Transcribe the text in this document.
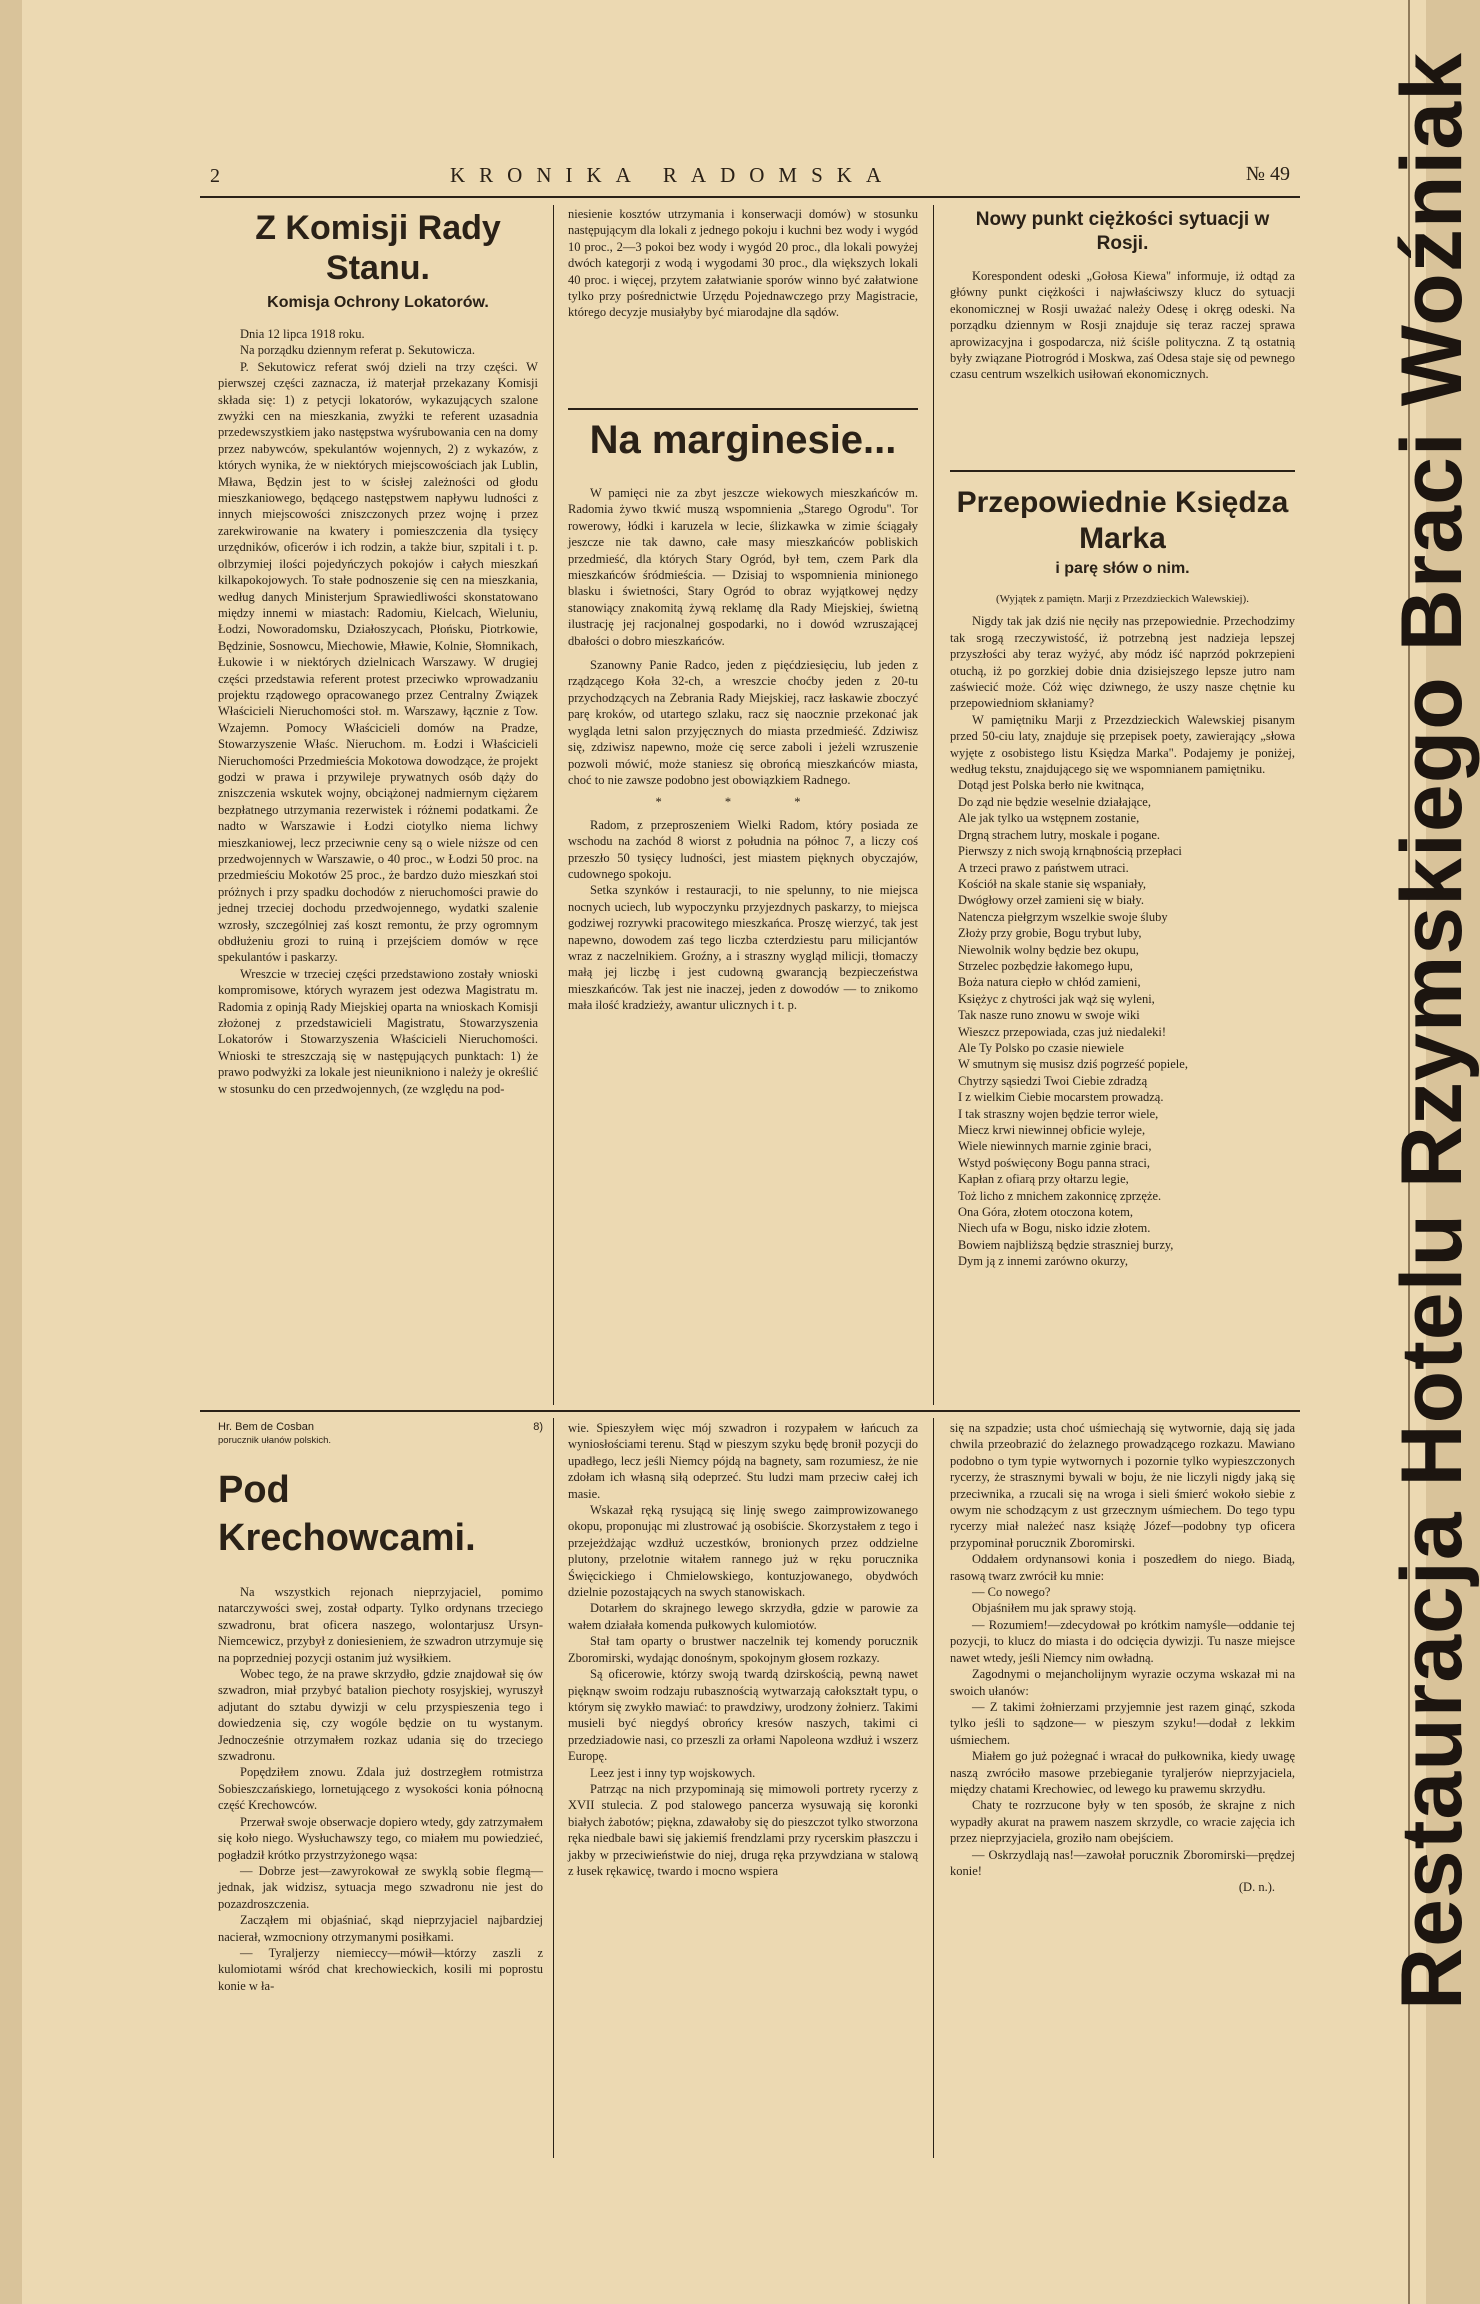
2	KRONIKA RADOMSKA	№ 49
Z Komisji Rady Stanu.
Komisja Ochrony Lokatorów.

Dnia 12 lipca 1918 roku.

Na porządku dziennym referat p. Sekutowicza.

P. Sekutowicz referat swój dzieli na trzy części. W pierwszej części zaznacza, iż materjał przekazany Komisji składa się: 1) z petycji lokatorów, wykazujących szalone zwyżki cen na mieszkania, zwyżki te referent uzasadnia przedewszystkiem jako następstwa wyśrubowania cen na domy przez nabywców, spekulantów wojennych, 2) z wykazów, z których wynika, że w niektórych miejscowościach jak Lublin, Mława, Będzin jest to w ścisłej zależności od głodu mieszkaniowego, będącego następstwem napływu ludności z innych miejscowości zniszczonych przez wojnę i przez zarekwirowanie na kwatery i pomieszczenia dla tysięcy urzędników, oficerów i ich rodzin, a także biur, szpitali i t. p. olbrzymiej ilości pojedyńczych pokojów i całych mieszkań kilkapokojowych. To stałe podnoszenie się cen na mieszkania, według danych Ministerjum Sprawiedliwości skonstatowano między innemi w miastach: Radomiu, Kielcach, Wieluniu, Łodzi, Noworadomsku, Działoszycach, Płońsku, Piotrkowie, Będzinie, Sosnowcu, Miechowie, Mławie, Kolnie, Słomnikach, Łukowie i w niektórych dzielnicach Warszawy. W drugiej części przedstawia referent protest przeciwko wprowadzaniu projektu rządowego opracowanego przez Centralny Związek Właścicieli Nieruchomości stoł. m. Warszawy, łącznie z Tow. Wzajemn. Pomocy Właścicieli domów na Pradze, Stowarzyszenie Właśc. Nieruchom. m. Łodzi i Właścicieli Nieruchomości Przedmieścia Mokotowa dowodzące, że projekt godzi w prawa i przywileje prywatnych osób dąży do zniszczenia wskutek wojny, obciążonej nadmiernym ciężarem bezpłatnego utrzymania rezerwistek i różnemi podatkami. Że nadto w Warszawie i Łodzi ciotylko niema lichwy mieszkaniowej, lecz przeciwnie ceny są o wiele niższe od cen przedwojennych w Warszawie, o 40 proc., w Łodzi 50 proc. na przedmieściu Mokotów 25 proc., że bardzo dużo mieszkań stoi próżnych i przy spadku dochodów z nieruchomości prawie do jednej trzeciej dochodu przedwojennego, wydatki szalenie wzrosły, szczególniej zaś koszt remontu, że przy ogromnym obdłużeniu grozi to ruiną i przejściem domów w ręce spekulantów i paskarzy.

Wreszcie w trzeciej części przedstawiono zostały wnioski kompromisowe, których wyrazem jest odezwa Magistratu m. Radomia z opinją Rady Miejskiej oparta na wnioskach Komisji złożonej z przedstawicieli Magistratu, Stowarzyszenia Lokatorów i Stowarzyszenia Właścicieli Nieruchomości. Wnioski te streszczają się w następujących punktach: 1) że prawo podwyżki za lokale jest nieunikniono i należy je określić w stosunku do cen przedwojennych, (ze względu na pod-

niesienie kosztów utrzymania i konserwacji domów) w stosunku następującym dla lokali z jednego pokoju i kuchni bez wody i wygód 10 proc., 2—3 pokoi bez wody i wygód 20 proc., dla lokali powyżej dwóch kategorji z wodą i wygodami 30 proc., dla większych lokali 40 proc. i więcej, przytem załatwianie sporów winno być załatwione tylko przy pośrednictwie Urzędu Pojednawczego przy Magistracie, którego decyzje musiałyby być miarodajne dla sądów.

Na marginesie...

W pamięci nie za zbyt jeszcze wiekowych mieszkańców m. Radomia żywo tkwić muszą wspomnienia „Starego Ogrodu". Tor rowerowy, łódki i karuzela w lecie, ślizkawka w zimie ściągały jeszcze nie tak dawno, całe masy mieszkańców pobliskich przedmieść, dla których Stary Ogród, był tem, czem Park dla mieszkańców śródmieścia. — Dzisiaj to wspomnienia minionego blasku i świetności, Stary Ogród to obraz wyjątkowej nędzy stanowiący znakomitą żywą reklamę dla Rady Miejskiej, świetną ilustrację jej racjonalnej gospodarki, no i dowód wzruszającej dbałości o dobro mieszkańców.

Szanowny Panie Radco, jeden z pięćdziesięciu, lub jeden z rządzącego Koła 32-ch, a wreszcie choćby jeden z 20-tu przychodzących na Zebrania Rady Miejskiej, racz łaskawie zboczyć parę kroków, od utartego szlaku, racz się naocznie przekonać jak wygląda letni salon przyjęcznych do miasta przedmieść. Zdziwisz się, zdziwisz napewno, może cię serce zaboli i jeżeli wzruszenie pozwoli mówić, może staniesz się obrońcą mieszkańców miasta, choć to nie zawsze podobno jest obowiązkiem Radnego.

* * *

Radom, z przeproszeniem Wielki Radom, który posiada ze wschodu na zachód 8 wiorst z południa na północ 7, a liczy coś przeszło 50 tysięcy ludności, jest miastem pięknych obyczajów, cudownego spokoju.

Setka szynków i restauracji, to nie spelunny, to nie miejsca nocnych uciech, lub wypoczynku przyjezdnych paskarzy, to miejsca godziwej rozrywki pracowitego mieszkańca. Proszę wierzyć, tak jest napewno, dowodem zaś tego liczba czterdziestu paru milicjantów wraz z naczelnikiem. Groźny, a i straszny wygląd milicji, tłomaczy małą jej liczbę i jest cudowną gwarancją bezpieczeństwa mieszkańców. Tak jest nie inaczej, jeden z dowodów — to znikomo mała ilość kradzieży, awantur ulicznych i t. p.

Nowy punkt ciężkości sytuacji w Rosji.

Korespondent odeski „Gołosa Kiewa" informuje, iż odtąd za główny punkt ciężkości i najwłaściwszy klucz do sytuacji ekonomicznej w Rosji uważać należy Odesę i okręg odeski. Na porządku dziennym w Rosji znajduje się teraz raczej sprawa aprowizacyjna i gospodarcza, niż ściśle polityczna. Z tą ostatnią były związane Piotrogród i Moskwa, zaś Odesa staje się od pewnego czasu centrum wszelkich usiłowań ekonomicznych.

Przepowiednie Księdza Marka
i parę słów o nim.

(Wyjątek z pamiętn. Marji z Przezdzieckich Walewskiej).

Nigdy tak jak dziś nie nęciły nas przepowiednie. Przechodzimy tak srogą rzeczywistość, iż potrzebną jest nadzieja lepszej przyszłości aby teraz wyżyć, aby módz iść naprzód pokrzepieni otuchą, iż po gorzkiej dobie dnia dzisiejszego lepsze jutro nam zaświecić może. Cóż więc dziwnego, że uszy nasze chętnie ku przepowiedniom skłaniamy?

W pamiętniku Marji z Przezdzieckich Walewskiej pisanym przed 50-ciu laty, znajduje się przepisek poety, zawierający „słowa wyjęte z osobistego listu Księdza Marka". Podajemy je poniżej, według tekstu, znajdującego się we wspomnianem pamiętniku.

Dotąd jest Polska berło nie kwitnąca,
Do ząd nie będzie weselnie działające,
Ale jak tylko ua wstępnem zostanie,
Drgną strachem lutry, moskale i pogane.
Pierwszy z nich swoją krnąbnością przepłaci
A trzeci prawo z państwem utraci.
Kościół na skale stanie się wspaniały,
Dwógłowy orzeł zamieni się w biały.
Natencza piełgrzym wszelkie swoje śluby
Złoży przy grobie, Bogu trybut luby,
Niewolnik wolny będzie bez okupu,
Strzelec pozbędzie łakomego łupu,
Boża natura ciepło w chłód zamieni,
Księżyc z chytrości jak wąż się wyleni,
Tak nasze runo znowu w swoje wiki
Wieszcz przepowiada, czas już niedaleki!
Ale Ty Polsko po czasie niewiele
W smutnym się musisz dziś pogrześć popiele,
Chytrzy sąsiedzi Twoi Ciebie zdradzą
I z wielkim Ciebie mocarstem prowadzą.
I tak straszny wojen będzie terror wiele,
Miecz krwi niewinnej obficie wyleje,
Wiele niewinnych marnie zginie braci,
Wstyd poświęcony Bogu panna straci,
Kapłan z ofiarą przy ołtarzu legie,
Toż licho z mnichem zakonnicę zprzęże.
Ona Góra, złotem otoczona kotem,
Niech ufa w Bogu, nisko idzie złotem.
Bowiem najbliższą będzie straszniej burzy,
Dym ją z innemi zarówno okurzy,
Hr. Bem de Cosban
porucznik ułanów polskich.
8)
Pod Krechowcami.

Na wszystkich rejonach nieprzyjaciel, pomimo natarczywości swej, został odparty. Tylko ordynans trzeciego szwadronu, brat oficera naszego, wolontarjusz Ursyn-Niemcewicz, przybył z doniesieniem, że szwadron utrzymuje się na poprzedniej pozycji ostanim już wysiłkiem.

Wobec tego, że na prawe skrzydło, gdzie znajdował się ów szwadron, miał przybyć batalion piechoty rosyjskiej, wyruszył adjutant do sztabu dywizji w celu przyspieszenia tego i dowiedzenia się, czy wogóle będzie on tu wystanym. Jednocześnie otrzymałem rozkaz udania się do trzeciego szwadronu.

Popędziłem znowu. Zdala już dostrzegłem rotmistrza Sobieszczańskiego, lornetującego z wysokości konia północną część Krechowców.

Przerwał swoje obserwacje dopiero wtedy, gdy zatrzymałem się koło niego. Wysłuchawszy tego, co miałem mu powiedzieć, pogładził krótko przystrzyżonego wąsa:

— Dobrze jest—zawyrokował ze swyklą sobie flegmą—jednak, jak widzisz, sytuacja mego szwadronu nie jest do pozazdroszczenia.

Zacząłem mi objaśniać, skąd nieprzyjaciel najbardziej nacierał, wzmocniony otrzymanymi posiłkami.

— Tyraljerzy niemieccy—mówił—którzy zaszli z kulomiotami wśród chat krechowieckich, kosili mi poprostu konie w ła-

wie. Spieszyłem więc mój szwadron i rozypałem w łańcuch za wyniosłościami terenu. Stąd w pieszym szyku będę bronił pozycji do upadłego, lecz jeśli Niemcy pójdą na bagnety, sam rozumiesz, że nie zdołam ich własną siłą odeprzeć. Stu ludzi mam przeciw całej ich masie.

Wskazał ręką rysującą się linję swego zaimprowizowanego okopu, proponując mi zlustrować ją osobiście. Skorzystałem z tego i przejeżdżając wzdłuż uczestków, bronionych przez oddzielne plutony, przelotnie witałem rannego już w ręku porucznika Święcickiego i Chmielowskiego, kontuzjowanego, obydwóch dzielnie pozostających na swych stanowiskach.

Dotarłem do skrajnego lewego skrzydła, gdzie w parowie za wałem działała komenda pułkowych kulomiotów.

Stał tam oparty o brustwer naczelnik tej komendy porucznik Zboromirski, wydając donośnym, spokojnym głosem rozkazy.

Są oficerowie, którzy swoją twardą dzirskością, pewną nawet pięknąw swoim rodzaju rubasznością wytwarzają całokształt typu, o którym się zwykło mawiać: to prawdziwy, urodzony żołnierz. Takimi musieli być niegdyś obrońcy kresów naszych, takimi ci przedziadowie nasi, co przeszli za orłami Napoleona wzdłuż i wszerz Europę.

Leez jest i inny typ wojskowych.

Patrząc na nich przypominają się mimowoli portrety rycerzy z XVII stulecia. Z pod stalowego pancerza wysuwają się koronki białych żabotów; piękna, zdawałoby się do pieszczot tylko stworzona ręka niedbale bawi się jakiemiś frendzlami przy rycerskim płaszczu i jakby w przeciwieństwie do niej, druga ręka przywdziana w stalową z łusek rękawicę, twardo i mocno wspiera

się na szpadzie; usta choć uśmiechają się wytwornie, dają się jada chwila przeobrazić do żelaznego prowadzącego rozkazu. Mawiano podobno o tym typie wytwornych i pozornie tylko wypieszczonych rycerzy, że strasznymi bywali w boju, że nie liczyli nigdy jaką się przeciwnika, a rzucali się na wroga i sieli śmierć wokoło siebie z owym nie schodzącym z ust grzecznym uśmiechem. Do tego typu rycerzy miał należeć nasz książę Józef—podobny typ oficera przypominał porucznik Zboromirski.

Oddałem ordynansowi konia i poszedłem do niego. Biadą, rasową twarz zwrócił ku mnie:

— Co nowego?

Objaśniłem mu jak sprawy stoją.

— Rozumiem!—zdecydował po krótkim namyśle—oddanie tej pozycji, to klucz do miasta i do odcięcia dywizji. Tu nasze miejsce nawet wtedy, jeśli Niemcy nim owładną.

Zagodnymi o mejancholijnym wyrazie oczyma wskazał mi na swoich ułanów:

— Z takimi żołnierzami przyjemnie jest razem ginąć, szkoda tylko jeśli to sądzone— w pieszym szyku!—dodał z lekkim uśmiechem.

Miałem go już pożegnać i wracał do pułkownika, kiedy uwagę naszą zwróciło masowe przebieganie tyraljerów nieprzyjaciela, między chatami Krechowiec, od lewego ku prawemu skrzydłu.

Chaty te rozrzucone były w ten sposób, że skrajne z nich wypadły akurat na prawem naszem skrzydle, co wracie zajęcia ich przez nieprzyjaciela, groziło nam obejściem.

— Oskrzydlają nas!—zawołał porucznik Zboromirski—prędzej konie!

(D. n.). Restauracja Hotelu Rzymskiego Braci Woźniak
